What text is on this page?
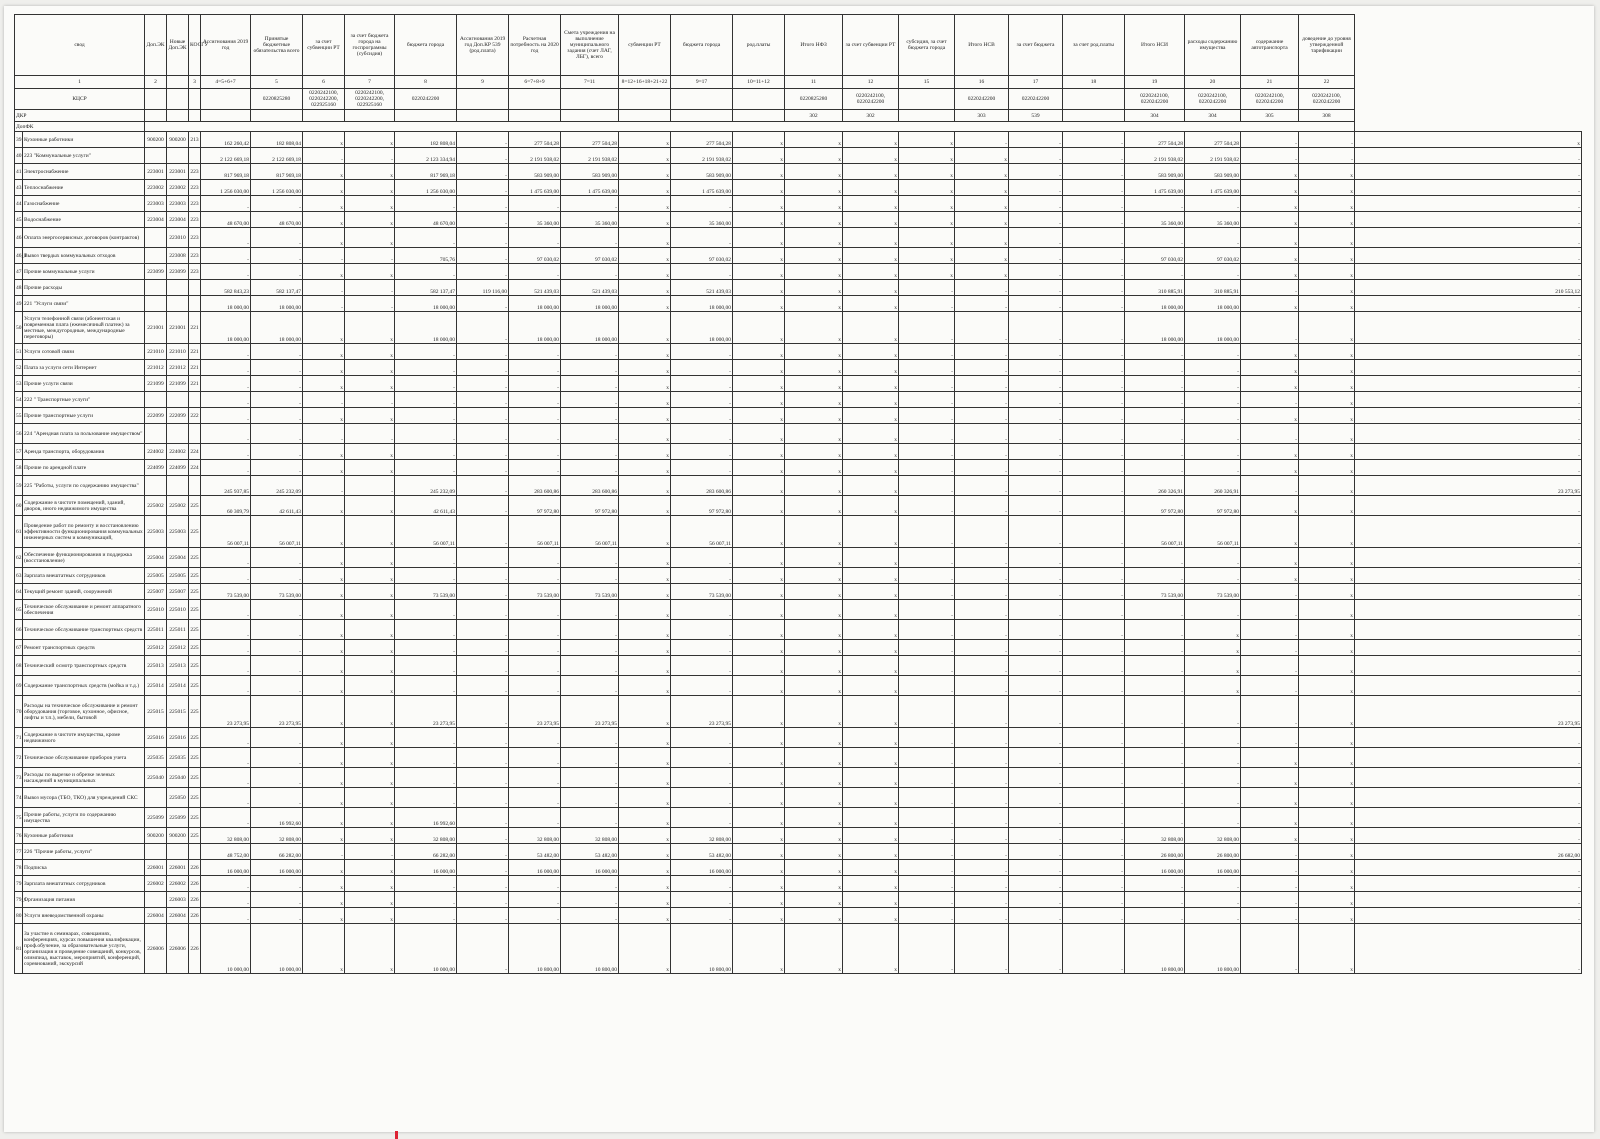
свод		Доп.ЭК	Новые Доп.ЭК	КОСГУ	Ассигнования 2019 год	Принятые бюджетные обязательства всего	за счет субвенции РТ	за счет бюджета города на госпрограммы (субсидия)	бюджета города	Ассигнования 2019 год Доп.КР 539 (род.плата)	Расчетная потребность на 2020 год	Смета учреждения на выполнение муниципального задания (счет ЛАГ, ЛБГ), всего	субвенции РТ	бюджета города	род.платы	Итого НФЗ	за счет субвенции РТ	субсидия, за счет бюджета города	Итого НСВ	за счет бюджета	за счет род.платы	Итого НСИ	расходы содержанию имущества	содержание автотранспорта	доведение до уровня утвержденной тарификации	
1		2		3	4=5+6+7	5	6	7	8	9	6=7+8+9	7=11	8=12+16+18+21+22	9=17	10=11+12	11	12	15	16	17	18	19	20	21	22	
КЦСР						0220825280	0220242100, 0220242200, 022925160	0220242100, 0220242200, 022925160	0220242200							0220825280	0220242100, 0220242200		0220242200	0220242200		0220242100, 0220242200	0220242100, 0220242200	0220242100, 0220242200	0220242100, 0220242200	
ДКР																302	302		303	539		304	304	305	308	
ДопФК																										
39	Кухонные работники	900200	900200	213	162 260,42	182 808,04	x	x	182 808,04	-	277 504,28	277 504,28	x	277 504,28	x	x	x	x	-	-	-	277 504,28	277 504,28	-	-	x
40	223 "Коммунальные услуги"				2 122 669,18	2 122 669,18	-	-	2 123 334,94	-	2 191 938,02	2 191 938,02	x	2 191 938,02	x	x	x	x	x	-	-	2 191 938,02	2 191 938,02	-	-	-
41	Электроснабжение	223001	223001	223	817 969,18	817 969,18	x	x	817 969,18	-	583 909,00	583 909,00	x	583 909,00	x	x	x	x	x	-	-	583 909,00	583 909,00	x	x	-
43	Теплоснабжение	223002	223002	223	1 256 030,00	1 256 030,00	x	x	1 256 030,00	-	1 475 639,00	1 475 639,00	x	1 475 639,00	x	x	x	x	x	-	-	1 475 639,00	1 475 639,00	x	x	-
44	Газоснабжение	223003	223003	223	-	-	x	x	-	-	-	-	x	-	x	x	x	x	x	-	-	-	-	x	x	-
45	Водоснабжение	223004	223004	223	48 670,00	48 670,00	x	x	48 670,00	-	35 360,00	35 360,00	x	35 360,00	x	x	x	x	x	-	-	35 360,00	35 360,00	x	x	-
46	Оплата энергосервисных договоров (контрактов)		223010	223	-	-	x	x	-	-	-	-	x	-	x	x	x	x	x	-	-	-	-	x	x	-
46_1	Вывоз твердых коммунальных отходов		223008	223	-	-	-	-	705,76	-	97 030,02	97 030,02	x	97 030,02	x	x	x	x	x	-	-	97 030,02	97 030,02	x	x	-
47	Прочие коммунальные услуги	223099	223099	223	-	-	x	x	-	-	-	-	x	-	x	x	x	x	x	-	-	-	-	x	x	-
48	Прочие расходы				582 843,23	582 137,47	-	-	582 137,47	119 116,00	521 439,03	521 439,03	x	521 439,03	x	x	x	-	-	-	-	310 885,91	310 885,91	-	x	210 553,12
49	221 "Услуги связи"				18 000,00	18 000,00	-	-	18 000,00	-	18 000,00	18 000,00	x	18 000,00	x	x	x	-	-	-	-	18 000,00	18 000,00	x	x	-
50	Услуги телефонной связи (абонентская и повременная плата (ежемесячный платеж) за местные, междугородные, международные переговоры)	221001	221001	221	18 000,00	18 000,00	x	x	18 000,00	-	18 000,00	18 000,00	x	18 000,00	x	x	x	-	-	-	-	18 000,00	18 000,00	-	x	-
51	Услуги сотовой связи	221010	221010	221	-	-	x	x	-	-	-	-	x	-	x	x	x	-	-	-	-	-	-	x	x	-
52	Плата за услуги сети Интернет	221012	221012	221	-	-	x	x	-	-	-	-	x	-	x	x	x	-	-	-	-	-	-	x	x	-
53	Прочие услуги связи	221099	221099	221	-	-	x	x	-	-	-	-	x	-	x	x	x	-	-	-	-	-	-	x	x	-
54	222 " Транспортные услуги"				-	-	-	-	-	-	-	-	x	-	x	x	x	-	-	-	-	-	-	-	x	-
55	Прочие транспортные услуги	222099	222099	222	-	-	x	x	-	-	-	-	x	-	x	x	x	-	-	-	-	-	-	x	x	-
56	224 "Арендная плата за пользование имуществом"				-	-	-	-	-	-	-	-	x	-	x	x	x	-	-	-	-	-	-	-	x	-
57	Аренда транспорта, оборудования	224002	224002	224	-	-	x	x	-	-	-	-	x	-	x	x	x	-	-	-	-	-	-	x	x	-
58	Прочие по арендной плате	224099	224099	224	-	-	x	x	-	-	-	-	x	-	x	x	x	-	-	-	-	-	-	x	x	-
59	225 "Работы, услуги по содержанию имущества"				245 937,85	245 232,09	-	-	245 232,09	-	283 600,86	283 600,86	x	283 600,86	x	x	x	-	-	-	-	260 326,91	260 326,91	-	x	23 273,95
60	Содержание в чистоте помещений, зданий, дворов, иного недвижимого имущества	225002	225002	225	60 309,79	42 611,43	x	x	42 611,43	-	97 972,80	97 972,80	x	97 972,80	x	x	x	-	-	-	-	97 972,80	97 972,80	x	x	-
61	Проведение работ по ремонту и восстановлению эффективности функционирования коммунальных инженерных систем и коммуникаций,	225003	225003	225	56 007,11	56 007,11	x	x	56 007,11	-	56 007,11	56 007,11	x	56 007,11	x	x	x	-	-	-	-	56 007,11	56 007,11	x	x	-
62	Обеспечение функционирования и поддержка (восстановление)	225004	225004	225	-	-	x	x	-	-	-	-	x	-	x	x	x	-	-	-	-	-	-	x	x	-
63	Зарплата внештатных сотрудников	225005	225005	225	-	-	x	x	-	-	-	-	x	-	x	x	x	-	-	-	-	-	-	x	x	-
64	Текущий ремонт зданий, сооружений	225007	225007	225	73 539,00	73 539,00	x	x	73 539,00	-	73 539,00	73 539,00	x	73 539,00	x	x	x	-	-	-	-	73 539,00	73 539,00	-	x	-
65	Техническое обслуживание и ремонт аппаратного обеспечения	225010	225010	225	-	-	x	x	-	-	-	-	x	-	x	x	x	-	-	-	-	-	-	-	x	-
66	Техническое обслуживание транспортных средств	225011	225011	225	-	-	x	x	-	-	-	-	x	-	x	x	x	-	-	-	-	-	x	-	x	-
67	Ремонт транспортных средств	225012	225012	225	-	-	x	x	-	-	-	-	x	-	x	x	x	-	-	-	-	-	x	-	x	-
68	Технический осмотр транспортных средств	225013	225013	225	-	-	x	x	-	-	-	-	x	-	x	x	x	-	-	-	-	-	x	-	x	-
69	Содержание транспортных средств (мойка и т.д.)	225014	225014	225	-	-	x	x	-	-	-	-	x	-	x	x	x	-	-	-	-	-	x	-	x	-
70	Расходы на техническое обслуживание и ремонт оборудования (торговое, кухонное, офисное, лифты и т.п.), мебели, бытовой	225015	225015	225	23 273,95	23 273,95	x	x	23 273,95	-	23 273,95	23 273,95	x	23 273,95	x	x	x	-	-	-	-	-	-	-	x	23 273,95
71	Содержание в чистоте имущества, кроме недвижимого	225016	225016	225	-	-	x	x	-	-	-	-	x	-	x	x	x	-	-	-	-	-	-	-	x	-
72	Техническое обслуживание приборов учета	225035	225035	225	-	-	x	x	-	-	-	-	x	-	x	x	x	-	-	-	-	-	-	x	x	-
73	Расходы по вырезке и обрезке зеленых насаждений в муниципальных	225040	225040	225	-	-	x	x	-	-	-	-	x	-	x	x	x	-	-	-	-	-	-	x	x	-
74	Вывоз мусора (ТБО, ТКО) для учреждений СКС		225050	225	-	-	x	x	-	-	-	-	x	-	x	x	x	-	-	-	-	-	-	x	x	-
75	Прочие работы, услуги по содержанию имущества	225099	225099	225	-	16 992,60	x	x	16 992,60	-	-	-	x	-	x	x	x	-	-	-	-	-	-	x	x	-
76	Кухонные работники	900200	900200	225	32 808,00	32 808,00	x	x	32 808,00	-	32 808,00	32 808,00	x	32 808,00	x	x	x	-	-	-	-	32 808,00	32 808,00	x	x	-
77	226 "Прочие работы, услуги"				48 752,00	66 282,00	-	-	66 282,00	-	53 482,00	53 482,00	x	53 482,00	x	x	x	-	-	-	-	26 800,00	26 800,00	-	x	26 682,00
78	Подписка	226001	226001	226	16 000,00	16 000,00	x	x	16 000,00	-	16 000,00	16 000,00	x	16 000,00	x	x	x	-	-	-	-	16 000,00	16 000,00	-	x	-
79	Зарплата внештатных сотрудников	226002	226002	226	-	-	x	x	-	-	-	-	x	-	x	x	x	-	-	-	-	-	-	-	x	-
79_1	Организация питания		226003	226	-	-	x	x	-	-	-	-	x	-	x	x	x	-	-	-	-	-	-	-	x	-
80	Услуги вневедомственной охраны	226004	226004	226	-	-	x	x	-	-	-	-	x	-	x	x	x	-	-	-	-	-	-	-	x	-
81	За участие в семинарах, совещаниях, конференциях, курсах повышения квалификации, проф.обучение, за образовательные услуги, организация и проведение совещаний, конкурсов, олимпиад, выставок, мероприятий, конференций, соревнований, экскурсий	226006	226006	226	10 000,00	10 000,00	x	x	10 000,00	-	10 800,00	10 800,00	x	10 800,00	x	x	x	-	-	-	-	10 800,00	10 800,00	-	x	-
